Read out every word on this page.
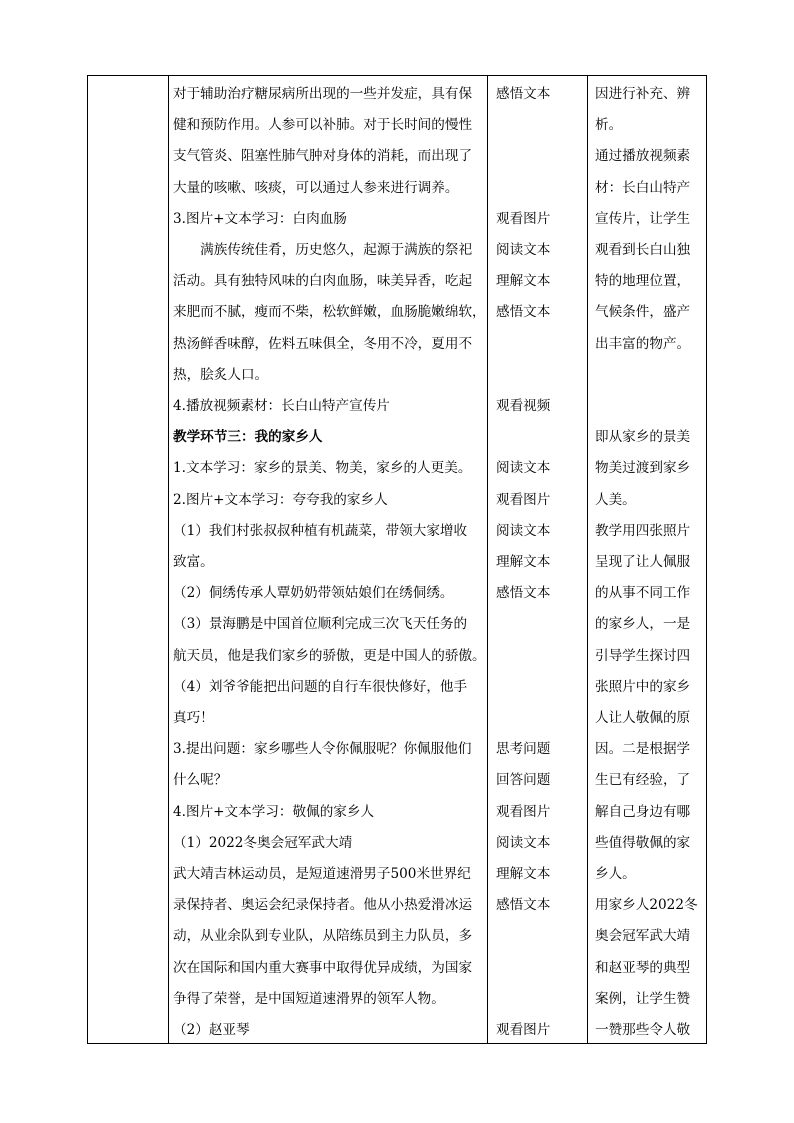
对于辅助治疗糖尿病所出现的一些并发症，具有保
健和预防作用。人参可以补肺。对于长时间的慢性
支气管炎、阻塞性肺气肿对身体的消耗，而出现了
大量的咳嗽、咳痰，可以通过人参来进行调养。
3.图片+文本学习：白肉血肠
　　满族传统佳肴，历史悠久，起源于满族的祭祀
活动。具有独特风味的白肉血肠，味美异香，吃起
来肥而不腻，瘦而不柴，松软鲜嫩，血肠脆嫩绵软，
热汤鲜香味醇，佐料五味俱全，冬用不冷，夏用不
热，脍炙人口。
4.播放视频素材：长白山特产宣传片
教学环节三：我的家乡人
1.文本学习：家乡的景美、物美，家乡的人更美。
2.图片+文本学习：夸夸我的家乡人
（1）我们村张叔叔种植有机蔬菜，带领大家增收
致富。
（2）侗绣传承人覃奶奶带领姑娘们在绣侗绣。
（3）景海鹏是中国首位顺利完成三次飞天任务的
航天员，他是我们家乡的骄傲，更是中国人的骄傲。
（4）刘爷爷能把出问题的自行车很快修好，他手
真巧！
3.提出问题：家乡哪些人令你佩服呢？你佩服他们
什么呢？
4.图片+文本学习：敬佩的家乡人
（1）2022冬奥会冠军武大靖
武大靖吉林运动员，是短道速滑男子500米世界纪
录保持者、奥运会纪录保持者。他从小热爱滑冰运
动，从业余队到专业队，从陪练员到主力队员，多
次在国际和国内重大赛事中取得优异成绩，为国家
争得了荣誉，是中国短道速滑界的领军人物。
（2）赵亚琴
感悟文本
观看图片
阅读文本
理解文本
感悟文本
观看视频
阅读文本
观看图片
阅读文本
理解文本
感悟文本
思考问题
回答问题
观看图片
阅读文本
理解文本
感悟文本
观看图片
因进行补充、辨
析。
通过播放视频素
材：长白山特产
宣传片，让学生
观看到长白山独
特的地理位置，
气候条件，盛产
出丰富的物产。
即从家乡的景美
物美过渡到家乡
人美。
教学用四张照片
呈现了让人佩服
的从事不同工作
的家乡人，一是
引导学生探讨四
张照片中的家乡
人让人敬佩的原
因。二是根据学
生已有经验，了
解自己身边有哪
些值得敬佩的家
乡人。
用家乡人2022冬
奥会冠军武大靖
和赵亚琴的典型
案例，让学生赞
一赞那些令人敬
